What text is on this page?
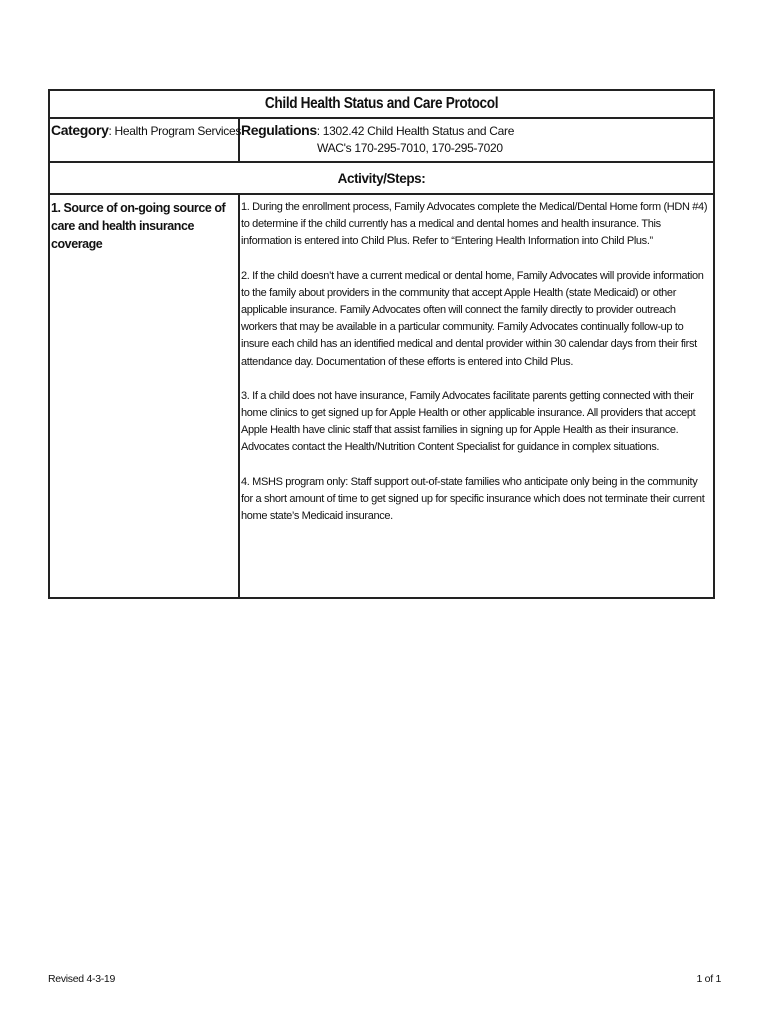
Child Health Status and Care Protocol
Category: Health Program Services Regulations: 1302.42 Child Health Status and Care
WAC's 170-295-7010, 170-295-7020
Activity/Steps:
1. Source of on-going source of care and health insurance coverage

1. During the enrollment process, Family Advocates complete the Medical/Dental Home form (HDN #4) to determine if the child currently has a medical and dental homes and health insurance. This information is entered into Child Plus. Refer to “Entering Health Information into Child Plus.”

2. If the child doesn’t have a current medical or dental home, Family Advocates will provide information to the family about providers in the community that accept Apple Health (state Medicaid) or other applicable insurance. Family Advocates often will connect the family directly to provider outreach workers that may be available in a particular community. Family Advocates continually follow-up to insure each child has an identified medical and dental provider within 30 calendar days from their first attendance day. Documentation of these efforts is entered into Child Plus.

3. If a child does not have insurance, Family Advocates facilitate parents getting connected with their home clinics to get signed up for Apple Health or other applicable insurance. All providers that accept Apple Health have clinic staff that assist families in signing up for Apple Health as their insurance. Advocates contact the Health/Nutrition Content Specialist for guidance in complex situations.

4. MSHS program only: Staff support out-of-state families who anticipate only being in the community for a short amount of time to get signed up for specific insurance which does not terminate their current home state’s Medicaid insurance.

Revised 4-3-19	1 of 1
